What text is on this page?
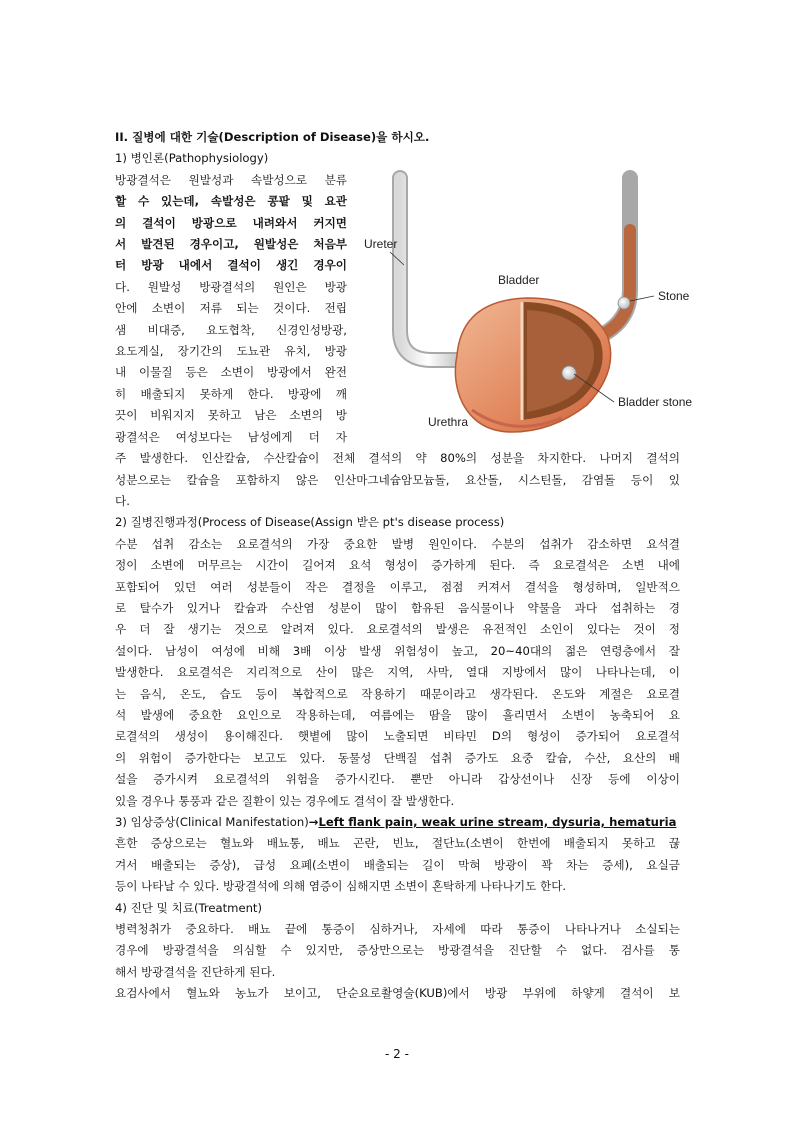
II. 질병에 대한 기술(Description of Disease)을 하시오.
1) 병인론(Pathophysiology)
방광결석은 원발성과 속발성으로 분류
할 수 있는데, 속발성은 콩팥 및 요관
의 결석이 방광으로 내려와서 커지면
서 발견된 경우이고, 원발성은 처음부
터 방광 내에서 결석이 생긴 경우이
다. 원발성 방광결석의 원인은 방광
안에 소변이 저류 되는 것이다. 전립
샘 비대증, 요도협착, 신경인성방광,
요도게실, 장기간의 도뇨관 유치, 방광
내 이물질 등은 소변이 방광에서 완전
히 배출되지 못하게 한다. 방광에 깨
끗이 비워지지 못하고 남은 소변의 방
광결석은 여성보다는 남성에게 더 자
주 발생한다. 인산칼슘, 수산칼슘이 전체 결석의 약 80%의 성분을 차지한다. 나머지 결석의
성분으로는 칼슘을 포함하지 않은 인산마그네슘암모늄돌, 요산돌, 시스틴돌, 감염돌 등이 있
다.
2) 질병진행과정(Process of Disease(Assign 받은 pt's disease process)
수분 섭취 감소는 요로결석의 가장 중요한 발병 원인이다. 수분의 섭취가 감소하면 요석결
정이 소변에 머무르는 시간이 길어져 요석 형성이 증가하게 된다. 즉 요로결석은 소변 내에
포함되어 있던 여러 성분들이 작은 결정을 이루고, 점점 커져서 결석을 형성하며, 일반적으
로 탈수가 있거나 칼슘과 수산염 성분이 많이 함유된 음식물이나 약물을 과다 섭취하는 경
우 더 잘 생기는 것으로 알려져 있다. 요로결석의 발생은 유전적인 소인이 있다는 것이 정
설이다. 남성이 여성에 비해 3배 이상 발생 위험성이 높고, 20~40대의 젊은 연령층에서 잘
발생한다. 요로결석은 지리적으로 산이 많은 지역, 사막, 열대 지방에서 많이 나타나는데, 이
는 음식, 온도, 습도 등이 복합적으로 작용하기 때문이라고 생각된다. 온도와 계절은 요로결
석 발생에 중요한 요인으로 작용하는데, 여름에는 땀을 많이 흘리면서 소변이 농축되어 요
로결석의 생성이 용이해진다. 햇볕에 많이 노출되면 비타민 D의 형성이 증가되어 요로결석
의 위험이 증가한다는 보고도 있다. 동물성 단백질 섭취 증가도 요중 칼슘, 수산, 요산의 배
설을 증가시켜 요로결석의 위험을 증가시킨다. 뿐만 아니라 갑상선이나 신장 등에 이상이
있을 경우나 통풍과 같은 질환이 있는 경우에도 결석이 잘 발생한다.
3) 임상증상(Clinical Manifestation)→Left flank pain, weak urine stream, dysuria, hematuria
흔한 증상으로는 혈뇨와 배뇨통, 배뇨 곤란, 빈뇨, 절단뇨(소변이 한번에 배출되지 못하고 끊
겨서 배출되는 증상), 급성 요폐(소변이 배출되는 길이 막혀 방광이 꽉 차는 증세), 요실금
등이 나타날 수 있다. 방광결석에 의해 염증이 심해지면 소변이 혼탁하게 나타나기도 한다.
4) 진단 및 치료(Treatment)
병력청취가 중요하다. 배뇨 끝에 통증이 심하거나, 자세에 따라 통증이 나타나거나 소실되는
경우에 방광결석을 의심할 수 있지만, 증상만으로는 방광결석을 진단할 수 없다. 검사를 통
해서 방광결석을 진단하게 된다.
요검사에서 혈뇨와 농뇨가 보이고, 단순요로촬영술(KUB)에서 방광 부위에 하얗게 결석이 보
Ureter
Bladder
Stone
Bladder stone
Urethra
- 2 -
